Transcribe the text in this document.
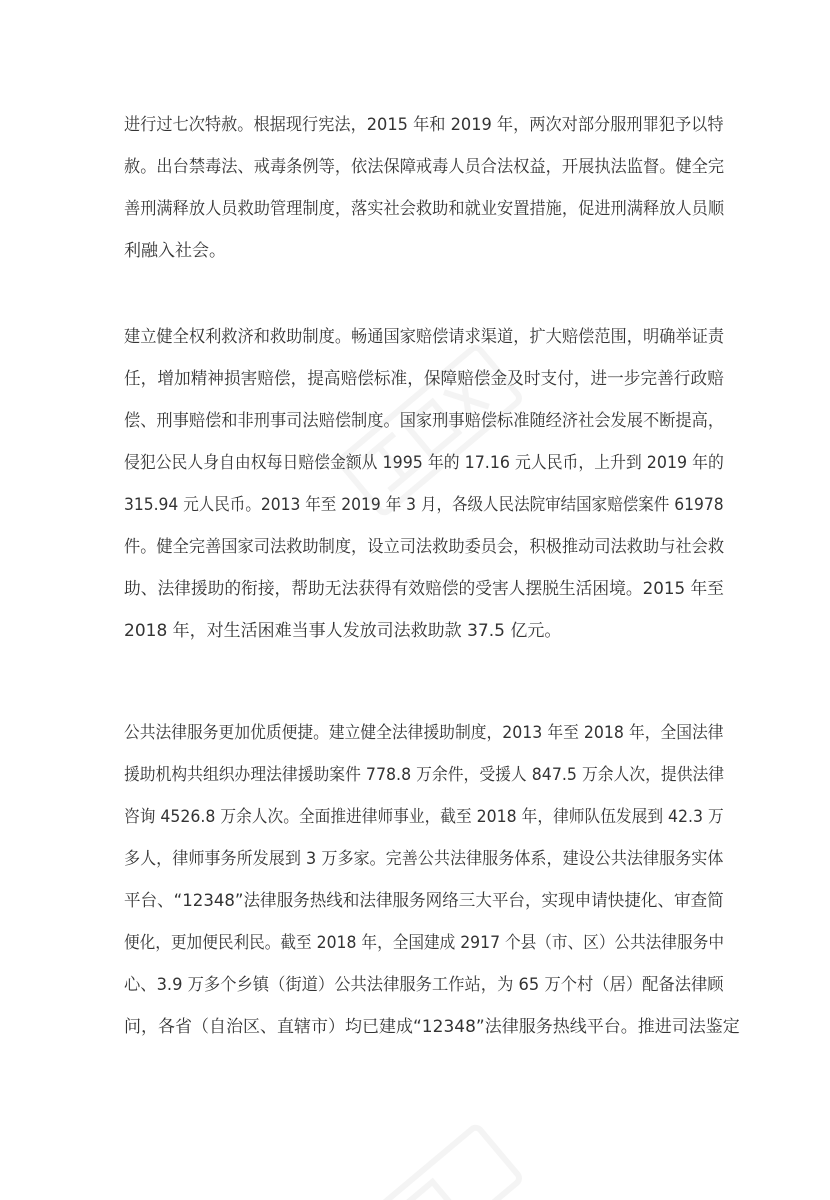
进行过七次特赦。根据现行宪法，2015 年和 2019 年，两次对部分服刑罪犯予以特
赦。出台禁毒法、戒毒条例等，依法保障戒毒人员合法权益，开展执法监督。健全完
善刑满释放人员救助管理制度，落实社会救助和就业安置措施，促进刑满释放人员顺
利融入社会。
建立健全权利救济和救助制度。畅通国家赔偿请求渠道，扩大赔偿范围，明确举证责
任，增加精神损害赔偿，提高赔偿标准，保障赔偿金及时支付，进一步完善行政赔
偿、刑事赔偿和非刑事司法赔偿制度。国家刑事赔偿标准随经济社会发展不断提高，
侵犯公民人身自由权每日赔偿金额从 1995 年的 17.16 元人民币，上升到 2019 年的
315.94 元人民币。2013 年至 2019 年 3 月，各级人民法院审结国家赔偿案件 61978
件。健全完善国家司法救助制度，设立司法救助委员会，积极推动司法救助与社会救
助、法律援助的衔接，帮助无法获得有效赔偿的受害人摆脱生活困境。2015 年至
2018 年，对生活困难当事人发放司法救助款 37.5 亿元。
公共法律服务更加优质便捷。建立健全法律援助制度，2013 年至 2018 年，全国法律
援助机构共组织办理法律援助案件 778.8 万余件，受援人 847.5 万余人次，提供法律
咨询 4526.8 万余人次。全面推进律师事业，截至 2018 年，律师队伍发展到 42.3 万
多人，律师事务所发展到 3 万多家。完善公共法律服务体系，建设公共法律服务实体
平台、“12348”法律服务热线和法律服务网络三大平台，实现申请快捷化、审查简
便化，更加便民利民。截至 2018 年，全国建成 2917 个县（市、区）公共法律服务中
心、3.9 万多个乡镇（街道）公共法律服务工作站，为 65 万个村（居）配备法律顾
问，各省（自治区、直辖市）均已建成“12348”法律服务热线平台。推进司法鉴定
